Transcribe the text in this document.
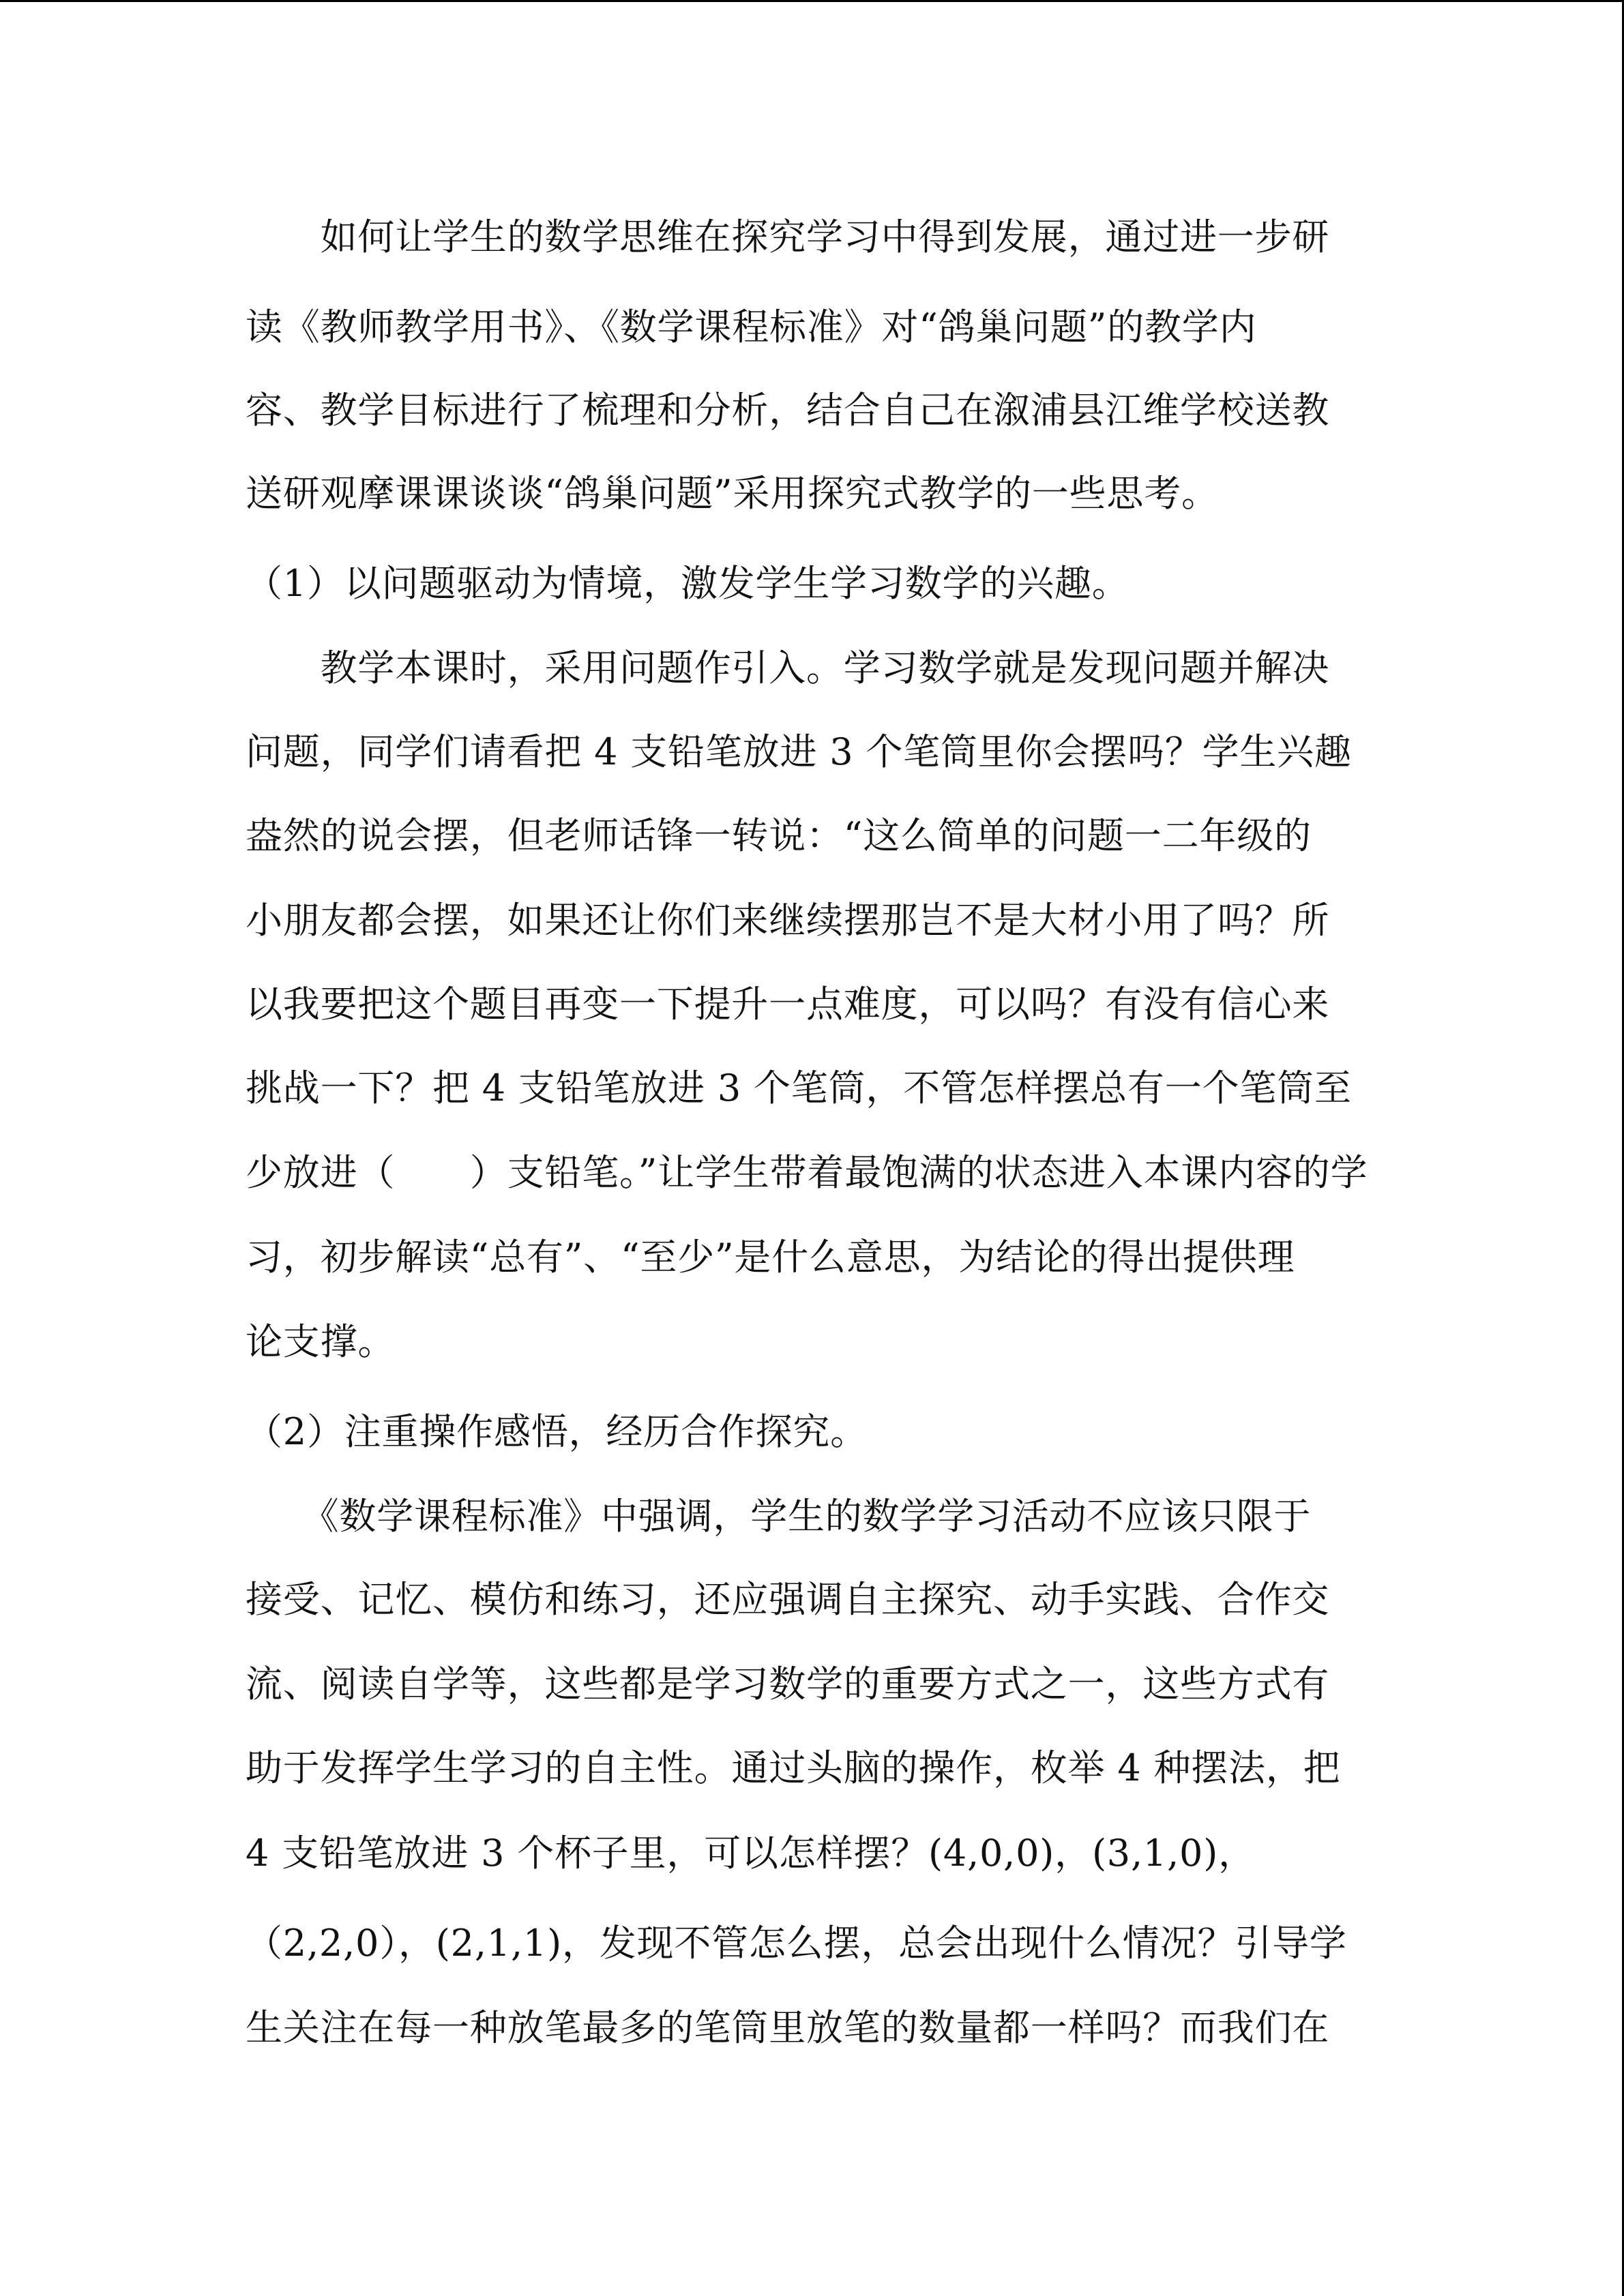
　　如何让学生的数学思维在探究学习中得到发展，通过进一步研
读《教师教学用书》、《数学课程标准》对“鸽巢问题”的教学内
容、教学目标进行了梳理和分析，结合自己在溆浦县江维学校送教
送研观摩课课谈谈“鸽巢问题”采用探究式教学的一些思考。
（1）以问题驱动为情境，激发学生学习数学的兴趣。
　　教学本课时，采用问题作引入。学习数学就是发现问题并解决
问题，同学们请看把 4 支铅笔放进 3 个笔筒里你会摆吗？学生兴趣
盎然的说会摆，但老师话锋一转说：“这么简单的问题一二年级的
小朋友都会摆，如果还让你们来继续摆那岂不是大材小用了吗？所
以我要把这个题目再变一下提升一点难度，可以吗？有没有信心来
挑战一下？把 4 支铅笔放进 3 个笔筒，不管怎样摆总有一个笔筒至
少放进（　　）支铅笔。”让学生带着最饱满的状态进入本课内容的学
习，初步解读“总有”、“至少”是什么意思，为结论的得出提供理
论支撑。
（2）注重操作感悟，经历合作探究。
　　《数学课程标准》中强调，学生的数学学习活动不应该只限于
接受、记忆、模仿和练习，还应强调自主探究、动手实践、合作交
流、阅读自学等，这些都是学习数学的重要方式之一，这些方式有
助于发挥学生学习的自主性。通过头脑的操作，枚举 4 种摆法，把
4 支铅笔放进 3 个杯子里，可以怎样摆？(4,0,0)，(3,1,0)，
（2,2,0），(2,1,1)，发现不管怎么摆，总会出现什么情况？引导学
生关注在每一种放笔最多的笔筒里放笔的数量都一样吗？而我们在
